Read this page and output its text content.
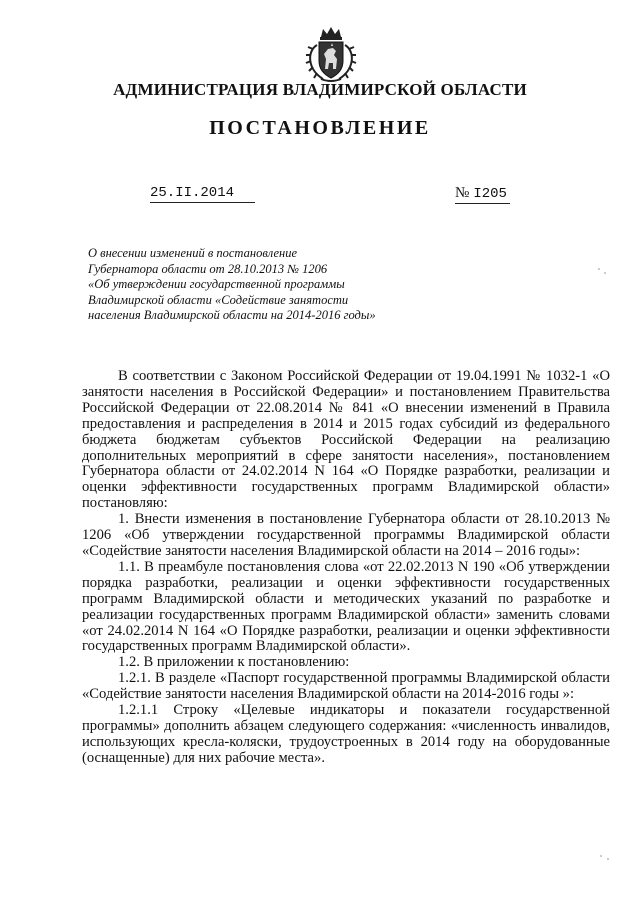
АДМИНИСТРАЦИЯ ВЛАДИМИРСКОЙ ОБЛАСТИ
ПОСТАНОВЛЕНИЕ
25.II.2014	№ I205
О внесении изменений в постановление
Губернатора области от 28.10.2013 № 1206
«Об утверждении государственной программы
Владимирской области «Содействие занятости
населения Владимирской области на 2014-2016 годы»

В соответствии с Законом Российской Федерации от 19.04.1991 № 1032-1 «О занятости населения в Российской Федерации» и постановлением Правительства Российской Федерации от 22.08.2014 № 841 «О внесении изменений в Правила предоставления и распределения в 2014 и 2015 годах субсидий из федерального бюджета бюджетам субъектов Российской Федерации на реализацию дополнительных мероприятий в сфере занятости населения», постановлением Губернатора области от 24.02.2014 N 164 «О Порядке разработки, реализации и оценки эффективности государственных программ Владимирской области» постановляю:

1. Внести изменения в постановление Губернатора области от 28.10.2013 № 1206 «Об утверждении государственной программы Владимирской области «Содействие занятости населения Владимирской области на 2014 – 2016 годы»:

1.1. В преамбуле постановления слова «от 22.02.2013 N 190 «Об утверждении порядка разработки, реализации и оценки эффективности государственных программ Владимирской области и методических указаний по разработке и реализации государственных программ Владимирской области» заменить словами «от 24.02.2014 N 164 «О Порядке разработки, реализации и оценки эффективности государственных программ Владимирской области».

1.2. В приложении к постановлению:

1.2.1. В разделе «Паспорт государственной программы Владимирской области «Содействие занятости населения Владимирской области на 2014-2016 годы »:

1.2.1.1 Строку «Целевые индикаторы и показатели государственной программы» дополнить абзацем следующего содержания: «численность инвалидов, использующих кресла-коляски, трудоустроенных в 2014 году на оборудованные (оснащенные) для них рабочие места».
